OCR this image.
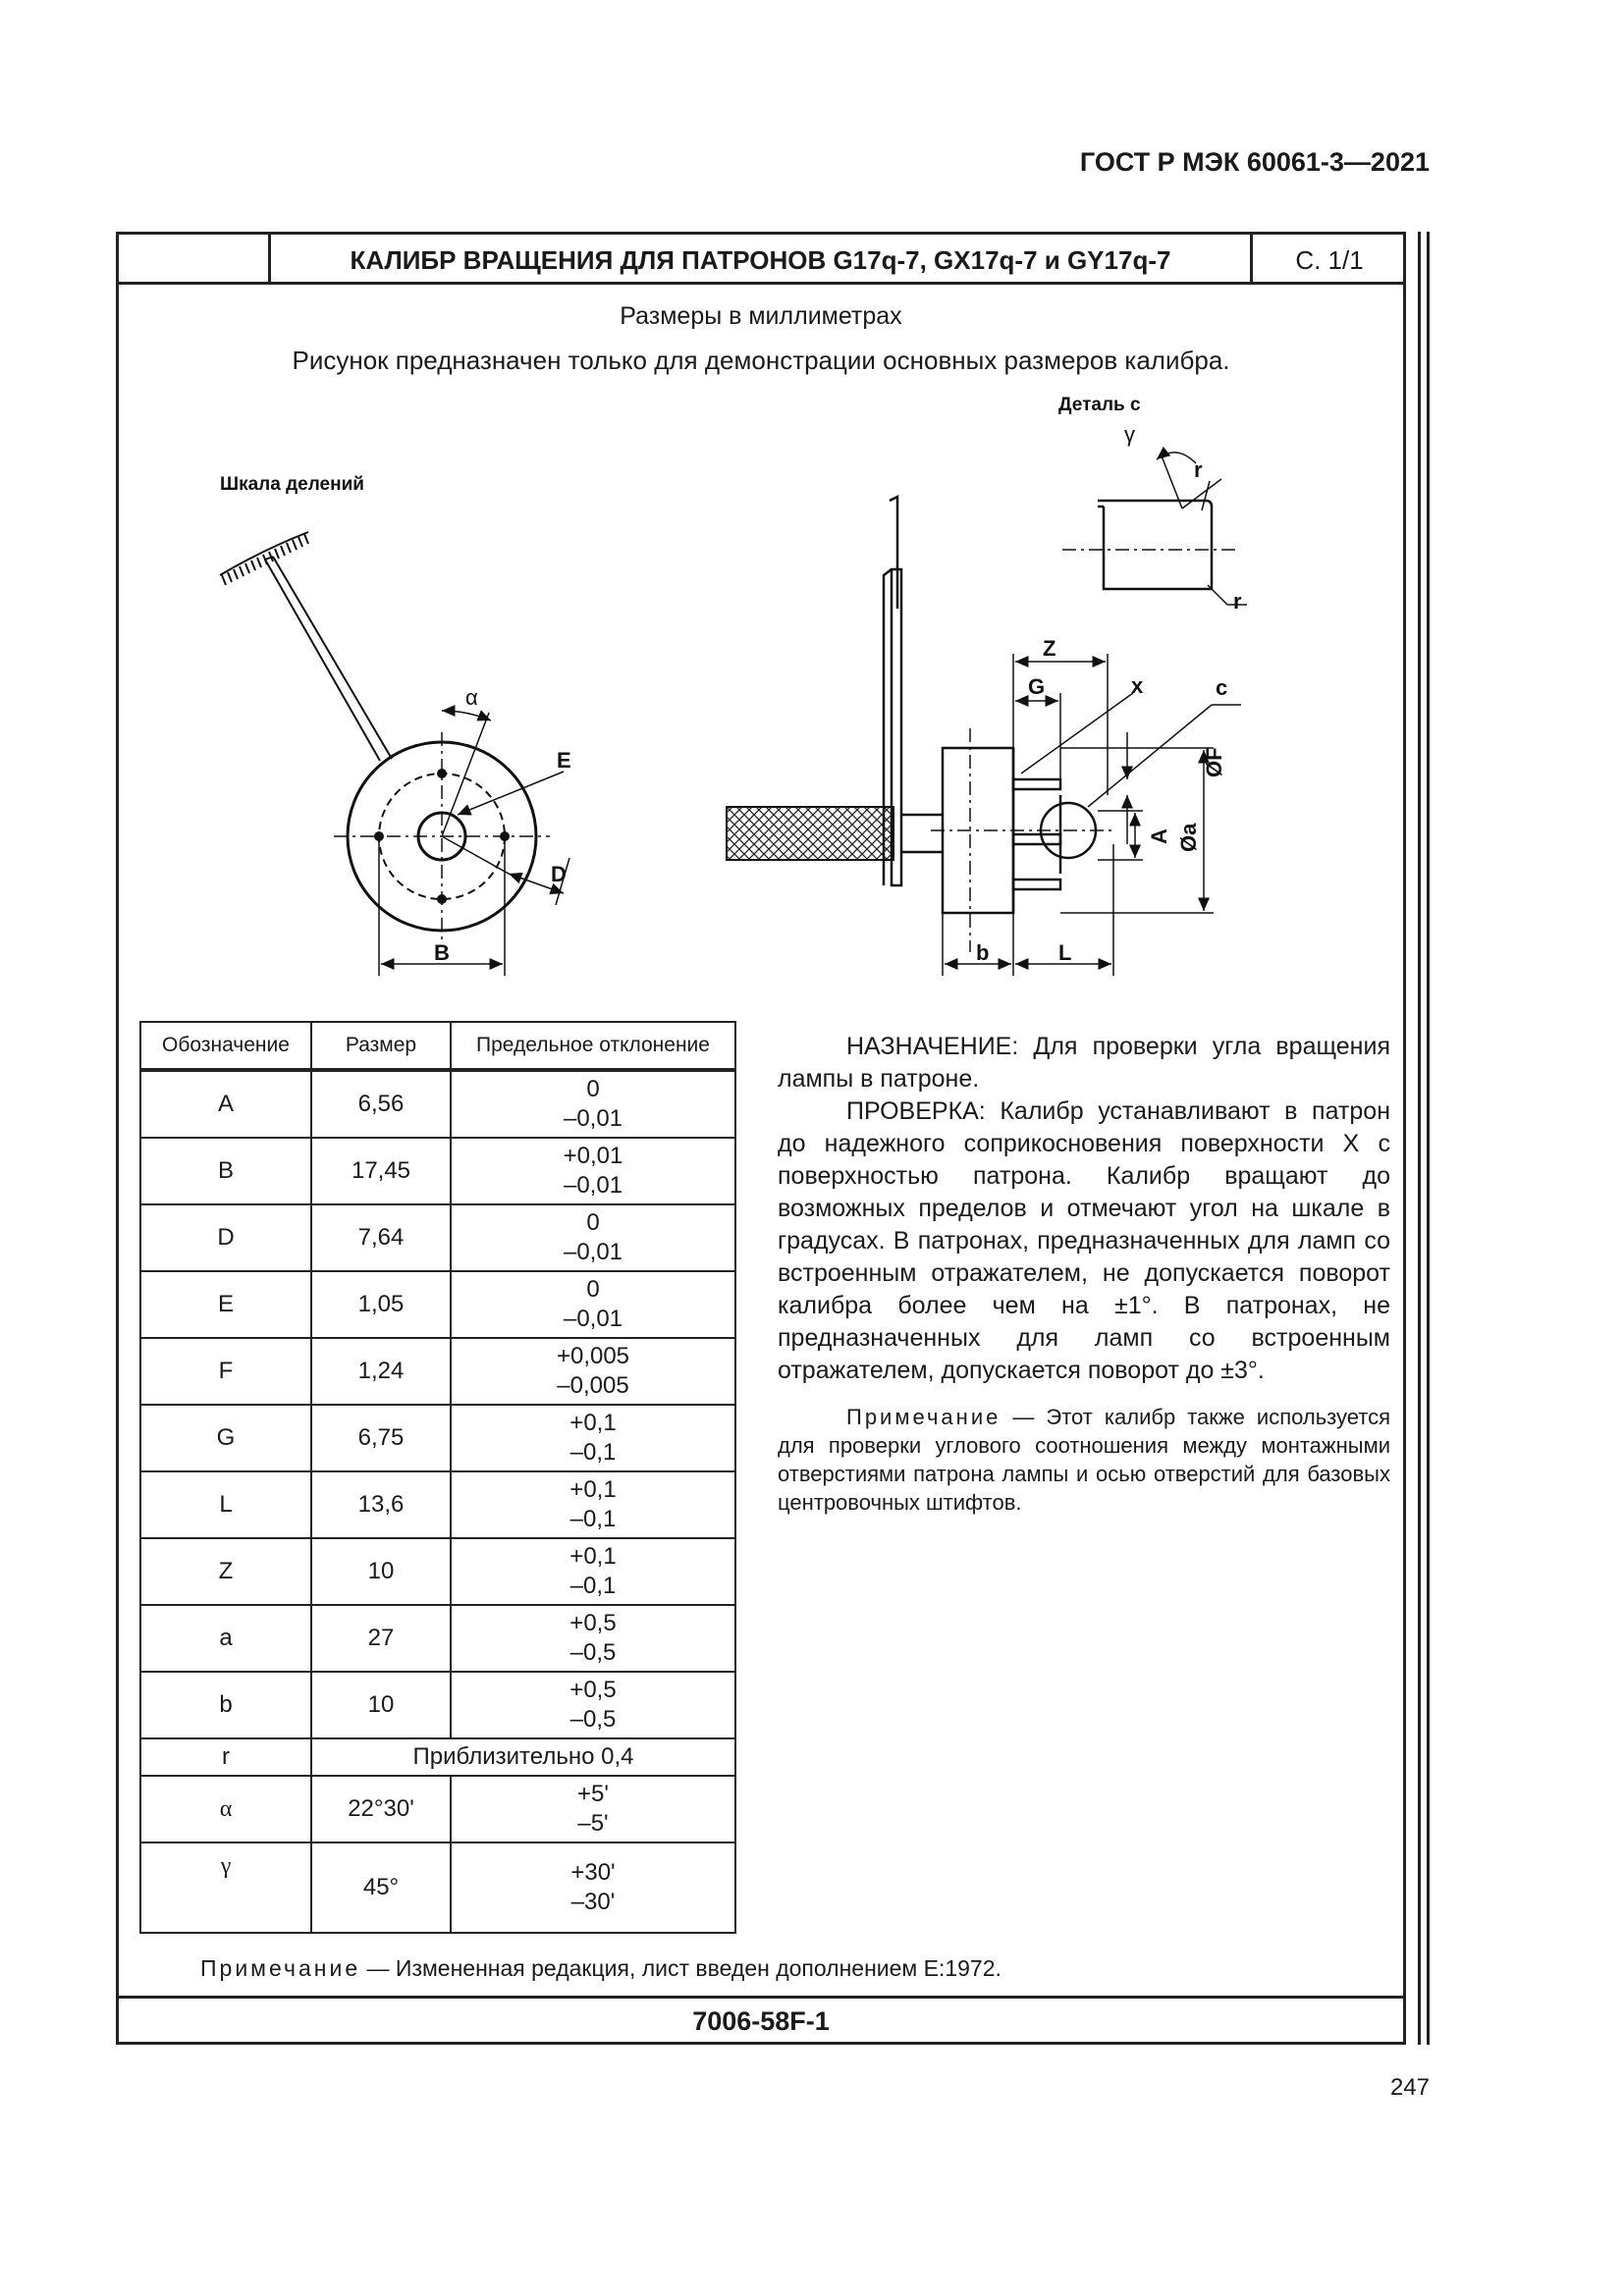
ГОСТ Р МЭК 60061-3—2021
КАЛИБР ВРАЩЕНИЯ ДЛЯ ПАТРОНОВ G17q-7, GX17q-7 и GY17q-7	С. 1/1
Размеры в миллиметрах
Рисунок предназначен только для демонстрации основных размеров калибра.
Шкала делений
α
E
D
B
Z
G	x	c
ØF
A Øa
b	L
Деталь c
γ
r
r
Обозначение	Размер	Предельное отклонение
A	6,56	0
–0,01

B	17,45	+0,01
–0,01

D	7,64	0
–0,01

E	1,05	0
–0,01

F	1,24	+0,005
–0,005

G	6,75	+0,1
–0,1

L	13,6	+0,1
–0,1

Z	10	+0,1
–0,1

a	27	+0,5
–0,5

b	10	+0,5
–0,5

r	Приблизительно 0,4	
α	22°30'	+5'
–5'

γ	45°	+30'
–30'

НАЗНАЧЕНИЕ: Для проверки угла вращения лампы в патроне.

ПРОВЕРКА: Калибр устанавливают в патрон до надежного соприкосновения поверхности X с поверхностью патрона. Калибр вращают до возможных пределов и отмечают угол на шкале в градусах. В патронах, предназначенных для ламп со встроенным отражателем, не допускается поворот калибра более чем на ±1°. В патронах, не предназначенных для ламп со встроенным отражателем, допускается поворот до ±3°.

Примечание — Этот калибр также используется для проверки углового соотношения между монтажными отверстиями патрона лампы и осью отверстий для базовых центровочных штифтов.

Примечание — Измененная редакция, лист введен дополнением E:1972.
7006-58F-1
247
